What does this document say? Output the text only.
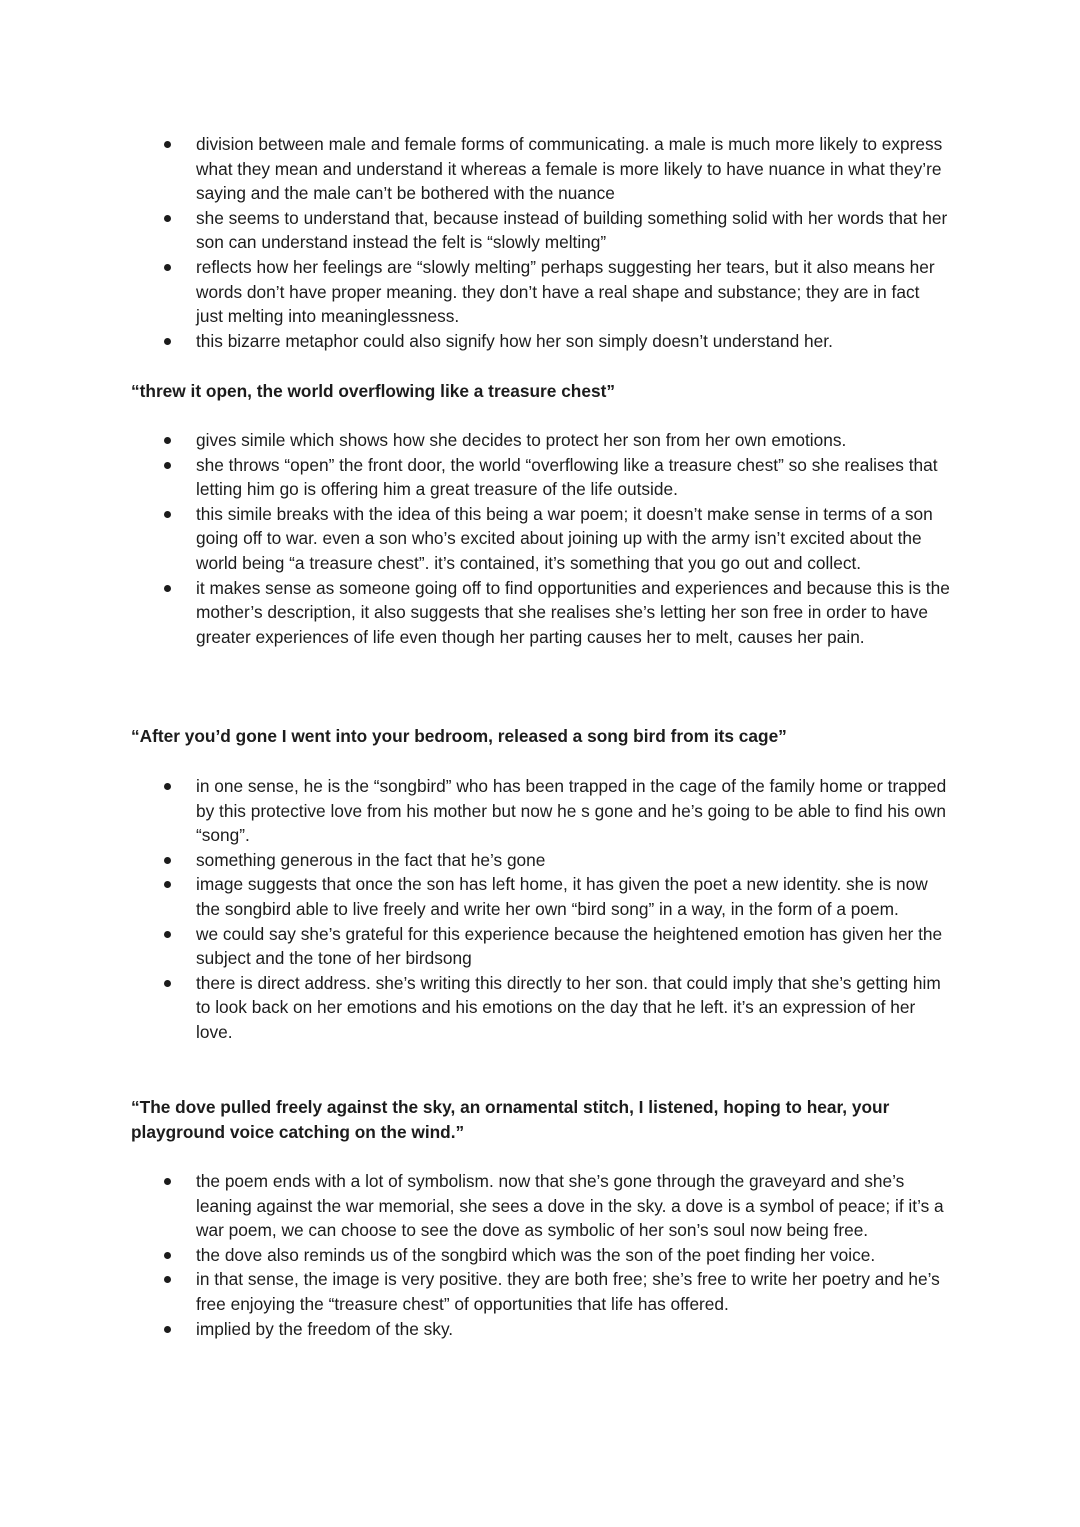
division between male and female forms of communicating. a male is much more likely to express what they mean and understand it whereas a female is more likely to have nuance in what they’re saying and the male can’t be bothered with the nuance
she seems to understand that, because instead of building something solid with her words that her son can understand instead the felt is “slowly melting”
reflects how her feelings are “slowly melting” perhaps suggesting her tears, but it also means her words don’t have proper meaning. they don’t have a real shape and substance; they are in fact just melting into meaninglessness.
this bizarre metaphor could also signify how her son simply doesn’t understand her.

“threw it open, the world overflowing like a treasure chest”

gives simile which shows how she decides to protect her son from her own emotions.
she throws “open” the front door, the world “overflowing like a treasure chest” so she realises that letting him go is offering him a great treasure of the life outside.
this simile breaks with the idea of this being a war poem; it doesn’t make sense in terms of a son going off to war. even a son who’s excited about joining up with the army isn’t excited about the world being “a treasure chest”. it’s contained, it’s something that you go out and collect.
it makes sense as someone going off to find opportunities and experiences and because this is the mother’s description, it also suggests that she realises she’s letting her son free in order to have greater experiences of life even though her parting causes her to melt, causes her pain.

“After you’d gone I went into your bedroom, released a song bird from its cage”

in one sense, he is the “songbird” who has been trapped in the cage of the family home or trapped by this protective love from his mother but now he s gone and he’s going to be able to find his own “song”.
something generous in the fact that he’s gone
image suggests that once the son has left home, it has given the poet a new identity. she is now the songbird able to live freely and write her own “bird song” in a way, in the form of a poem.
we could say she’s grateful for this experience because the heightened emotion has given her the subject and the tone of her birdsong
there is direct address. she’s writing this directly to her son. that could imply that she’s getting him to look back on her emotions and his emotions on the day that he left. it’s an expression of her love.

“The dove pulled freely against the sky, an ornamental stitch, I listened, hoping to hear, your playground voice catching on the wind.”

the poem ends with a lot of symbolism. now that she’s gone through the graveyard and she’s leaning against the war memorial, she sees a dove in the sky. a dove is a symbol of peace; if it’s a war poem, we can choose to see the dove as symbolic of her son’s soul now being free.
the dove also reminds us of the songbird which was the son of the poet finding her voice.
in that sense, the image is very positive. they are both free; she’s free to write her poetry and he’s free enjoying the “treasure chest” of opportunities that life has offered.
implied by the freedom of the sky.
